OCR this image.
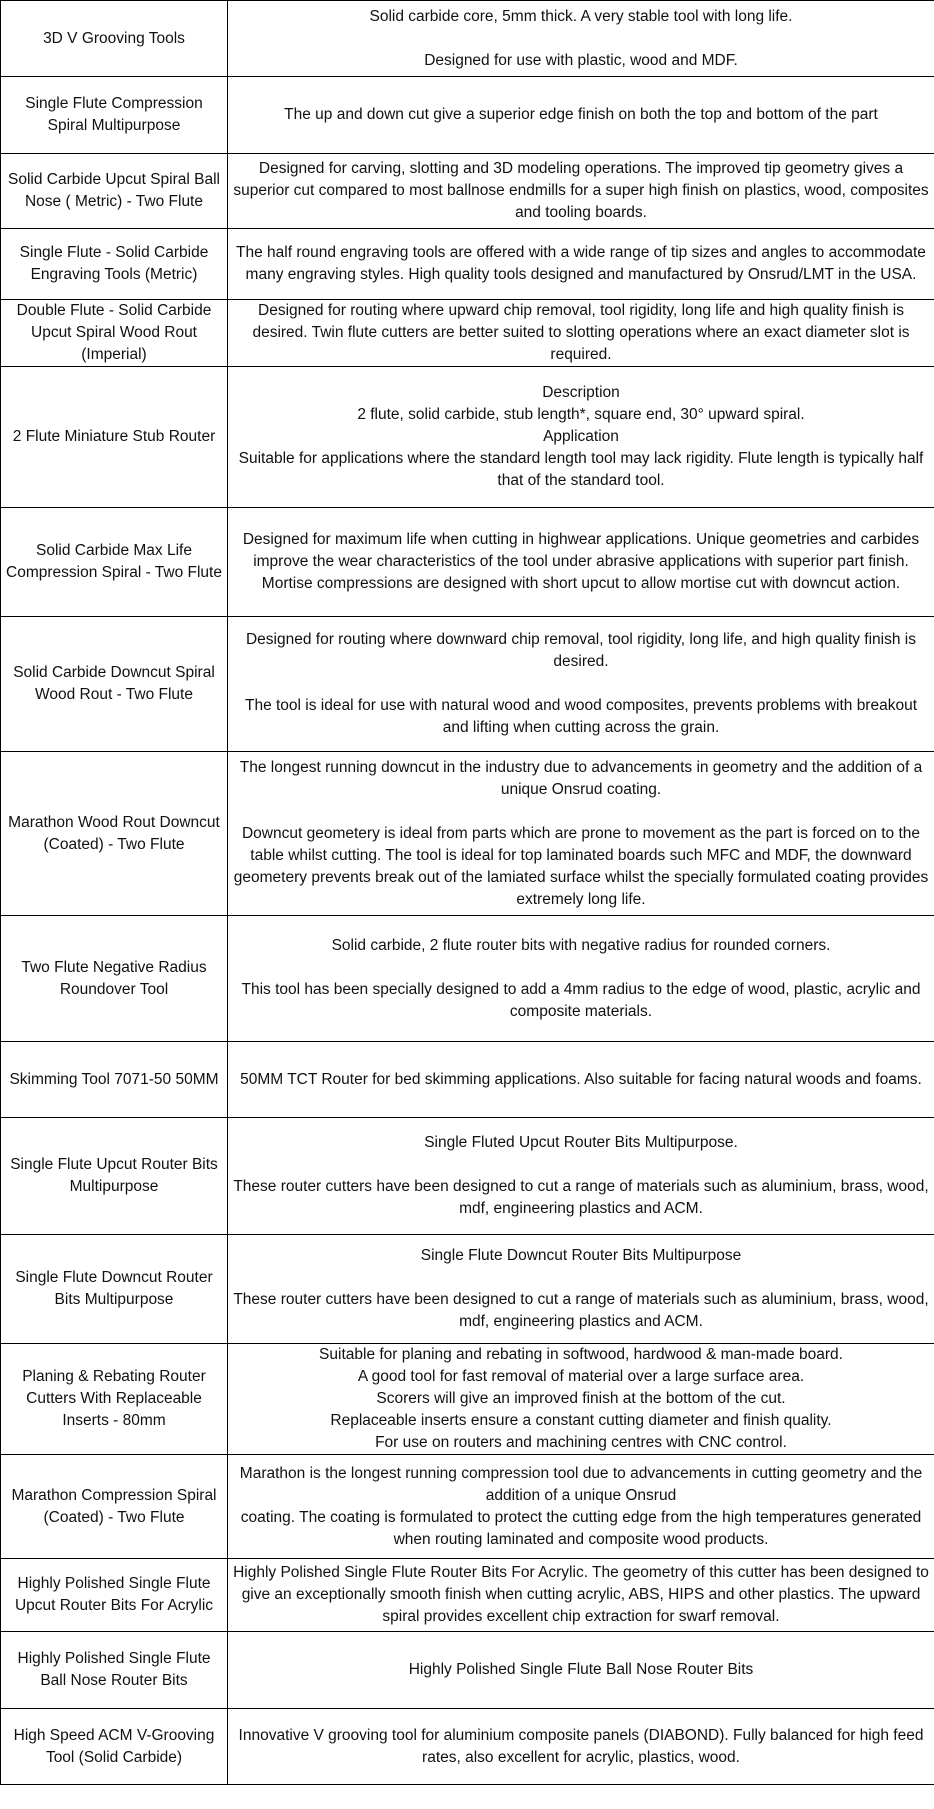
3D V Grooving Tools	Solid carbide core, 5mm thick. A very stable tool with long life.
Designed for use with plastic, wood and MDF.

Single Flute Compression Spiral Multipurpose	The up and down cut give a superior edge finish on both the top and bottom of the part

Solid Carbide Upcut Spiral Ball Nose ( Metric) - Two Flute	Designed for carving, slotting and 3D modeling operations. The improved tip geometry gives a superior cut compared to most ballnose endmills for a super high finish on plastics, wood, composites and tooling boards.

Single Flute - Solid Carbide Engraving Tools (Metric)	The half round engraving tools are offered with a wide range of tip sizes and angles to accommodate many engraving styles. High quality tools designed and manufactured by Onsrud/LMT in the USA.

Double Flute - Solid Carbide Upcut Spiral Wood Rout (Imperial)	Designed for routing where upward chip removal, tool rigidity, long life and high quality finish is desired. Twin flute cutters are better suited to slotting operations where an exact diameter slot is required.

2 Flute Miniature Stub Router	Description
2 flute, solid carbide, stub length*, square end, 30° upward spiral.
Application
Suitable for applications where the standard length tool may lack rigidity. Flute length is typically half that of the standard tool.

Solid Carbide Max Life Compression Spiral - Two Flute	Designed for maximum life when cutting in highwear applications. Unique geometries and carbides improve the wear characteristics of the tool under abrasive applications with superior part finish. Mortise compressions are designed with short upcut to allow mortise cut with downcut action.

Solid Carbide Downcut Spiral Wood Rout - Two Flute	Designed for routing where downward chip removal, tool rigidity, long life, and high quality finish is desired.
The tool is ideal for use with natural wood and wood composites, prevents problems with breakout and lifting when cutting across the grain.

Marathon Wood Rout Downcut (Coated) - Two Flute	The longest running downcut in the industry due to advancements in geometry and the addition of a unique Onsrud coating.
Downcut geometery is ideal from parts which are prone to movement as the part is forced on to the table whilst cutting. The tool is ideal for top laminated boards such MFC and MDF, the downward geometery prevents break out of the lamiated surface whilst the specially formulated coating provides extremely long life.

Two Flute Negative Radius Roundover Tool	Solid carbide, 2 flute router bits with negative radius for rounded corners.
This tool has been specially designed to add a 4mm radius to the edge of wood, plastic, acrylic and composite materials.

Skimming Tool 7071-50 50MM	50MM TCT Router for bed skimming applications. Also suitable for facing natural woods and foams.

Single Flute Upcut Router Bits Multipurpose	Single Fluted Upcut Router Bits Multipurpose.
These router cutters have been designed to cut a range of materials such as aluminium, brass, wood, mdf, engineering plastics and ACM.

Single Flute Downcut Router Bits Multipurpose	Single Flute Downcut Router Bits Multipurpose
These router cutters have been designed to cut a range of materials such as aluminium, brass, wood, mdf, engineering plastics and ACM.

Planing & Rebating Router Cutters With Replaceable Inserts - 80mm	Suitable for planing and rebating in softwood, hardwood & man-made board.
A good tool for fast removal of material over a large surface area.
Scorers will give an improved finish at the bottom of the cut.
Replaceable inserts ensure a constant cutting diameter and finish quality.
For use on routers and machining centres with CNC control.

Marathon Compression Spiral (Coated) - Two Flute	Marathon is the longest running compression tool due to advancements in cutting geometry and the addition of a unique Onsrud
coating. The coating is formulated to protect the cutting edge from the high temperatures generated when routing laminated and composite wood products.

Highly Polished Single Flute Upcut Router Bits For Acrylic	Highly Polished Single Flute Router Bits For Acrylic. The geometry of this cutter has been designed to give an exceptionally smooth finish when cutting acrylic, ABS, HIPS and other plastics. The upward spiral provides excellent chip extraction for swarf removal.

Highly Polished Single Flute Ball Nose Router Bits	Highly Polished Single Flute Ball Nose Router Bits

High Speed ACM V-Grooving Tool (Solid Carbide)	Innovative V grooving tool for aluminium composite panels (DIABOND). Fully balanced for high feed rates, also excellent for acrylic, plastics, wood.
